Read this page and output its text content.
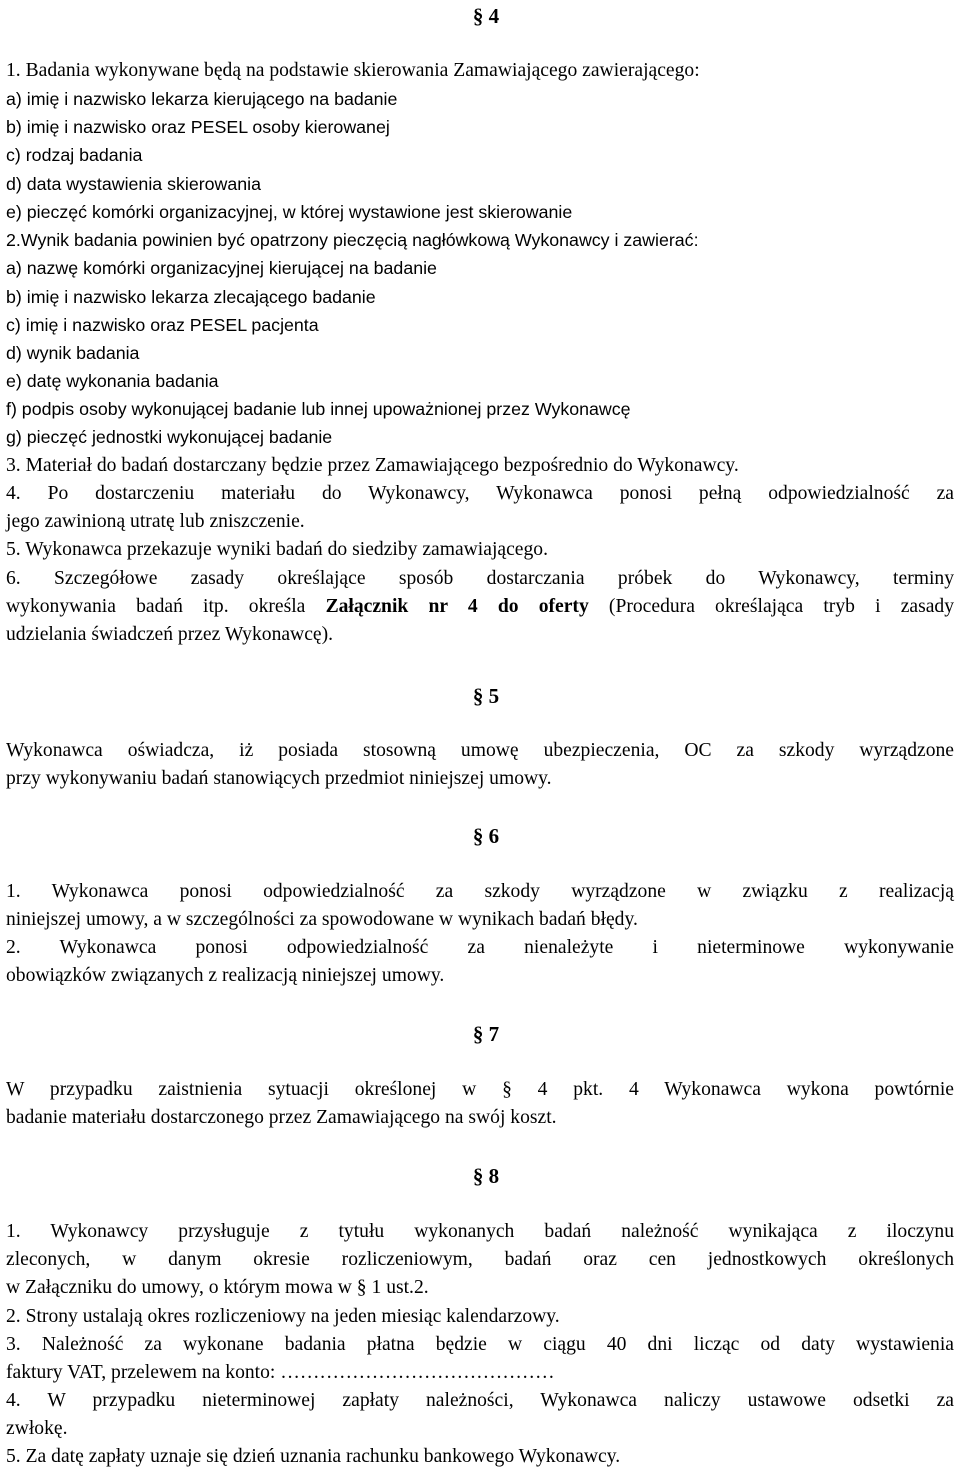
§ 4
1. Badania wykonywane będą na podstawie skierowania Zamawiającego zawierającego:
a) imię i nazwisko lekarza kierującego na badanie
b) imię i nazwisko oraz PESEL osoby kierowanej
c) rodzaj badania
d) data wystawienia skierowania
e) pieczęć komórki organizacyjnej, w której wystawione jest skierowanie
2.Wynik badania powinien być opatrzony pieczęcią nagłówkową Wykonawcy i zawierać:
a) nazwę komórki organizacyjnej kierującej na badanie
b) imię i nazwisko lekarza zlecającego badanie
c) imię i nazwisko oraz PESEL pacjenta
d) wynik badania
e) datę wykonania badania
f) podpis osoby wykonującej badanie lub innej upoważnionej przez Wykonawcę
g) pieczęć jednostki wykonującej badanie
3. Materiał do badań dostarczany będzie przez Zamawiającego bezpośrednio do Wykonawcy.
4. Po dostarczeniu materiału do Wykonawcy, Wykonawca ponosi pełną odpowiedzialność za
jego zawinioną utratę lub zniszczenie.
5. Wykonawca przekazuje wyniki badań do siedziby zamawiającego.
6. Szczegółowe zasady określające sposób dostarczania próbek do Wykonawcy, terminy
wykonywania badań itp. określa Załącznik nr 4 do oferty (Procedura określająca tryb i zasady
udzielania świadczeń przez Wykonawcę).
§ 5
Wykonawca oświadcza, iż posiada stosowną umowę ubezpieczenia, OC za szkody wyrządzone
przy wykonywaniu badań stanowiących przedmiot niniejszej umowy.
§ 6
1. Wykonawca ponosi odpowiedzialność za szkody wyrządzone w związku z realizacją
niniejszej umowy, a w szczególności za spowodowane w wynikach badań błędy.
2. Wykonawca ponosi odpowiedzialność za nienależyte i nieterminowe wykonywanie
obowiązków związanych z realizacją niniejszej umowy.
§ 7
W przypadku zaistnienia sytuacji określonej w § 4 pkt. 4 Wykonawca wykona powtórnie
badanie materiału dostarczonego przez Zamawiającego na swój koszt.
§ 8
1. Wykonawcy przysługuje z tytułu wykonanych badań należność wynikająca z iloczynu
zleconych, w danym okresie rozliczeniowym, badań oraz cen jednostkowych określonych
w Załączniku do umowy, o którym mowa w § 1 ust.2.
2. Strony ustalają okres rozliczeniowy na jeden miesiąc kalendarzowy.
3. Należność za wykonane badania płatna będzie w ciągu 40 dni licząc od daty wystawienia
faktury VAT, przelewem na konto: ……………………………………
4. W przypadku nieterminowej zapłaty należności, Wykonawca naliczy ustawowe odsetki za
zwłokę.
5. Za datę zapłaty uznaje się dzień uznania rachunku bankowego Wykonawcy.
